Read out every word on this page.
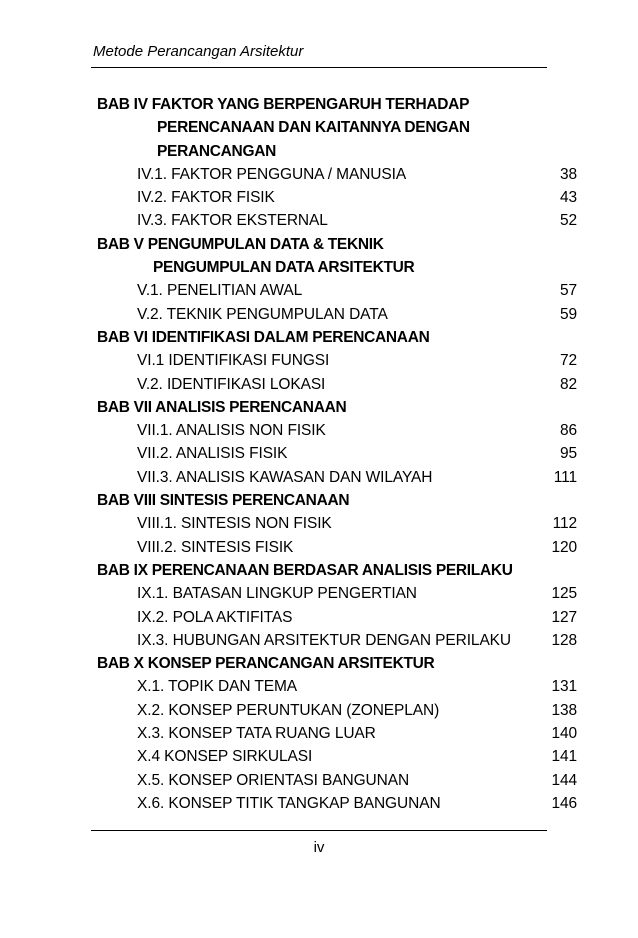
Metode Perancangan Arsitektur
BAB IV FAKTOR YANG BERPENGARUH TERHADAP
PERENCANAAN DAN KAITANNYA DENGAN
PERANCANGAN
IV.1. FAKTOR PENGGUNA / MANUSIA	38
IV.2. FAKTOR FISIK	43
IV.3. FAKTOR EKSTERNAL	52
BAB V PENGUMPULAN DATA & TEKNIK
PENGUMPULAN DATA ARSITEKTUR
V.1. PENELITIAN AWAL	57
V.2. TEKNIK PENGUMPULAN DATA	59
BAB VI IDENTIFIKASI DALAM PERENCANAAN
VI.1 IDENTIFIKASI FUNGSI	72
V.2. IDENTIFIKASI LOKASI	82
BAB VII ANALISIS PERENCANAAN
VII.1. ANALISIS NON FISIK	86
VII.2. ANALISIS FISIK	95
VII.3. ANALISIS KAWASAN DAN WILAYAH	111
BAB VIII SINTESIS PERENCANAAN
VIII.1. SINTESIS NON FISIK	112
VIII.2. SINTESIS FISIK	120
BAB IX PERENCANAAN BERDASAR ANALISIS PERILAKU
IX.1. BATASAN LINGKUP PENGERTIAN	125
IX.2. POLA AKTIFITAS	127
IX.3. HUBUNGAN ARSITEKTUR DENGAN PERILAKU	128
BAB X KONSEP PERANCANGAN ARSITEKTUR
X.1. TOPIK DAN TEMA	131
X.2. KONSEP PERUNTUKAN (ZONEPLAN)	138
X.3. KONSEP TATA RUANG LUAR	140
X.4 KONSEP SIRKULASI	141
X.5. KONSEP ORIENTASI BANGUNAN	144
X.6. KONSEP TITIK TANGKAP BANGUNAN	146
iv
